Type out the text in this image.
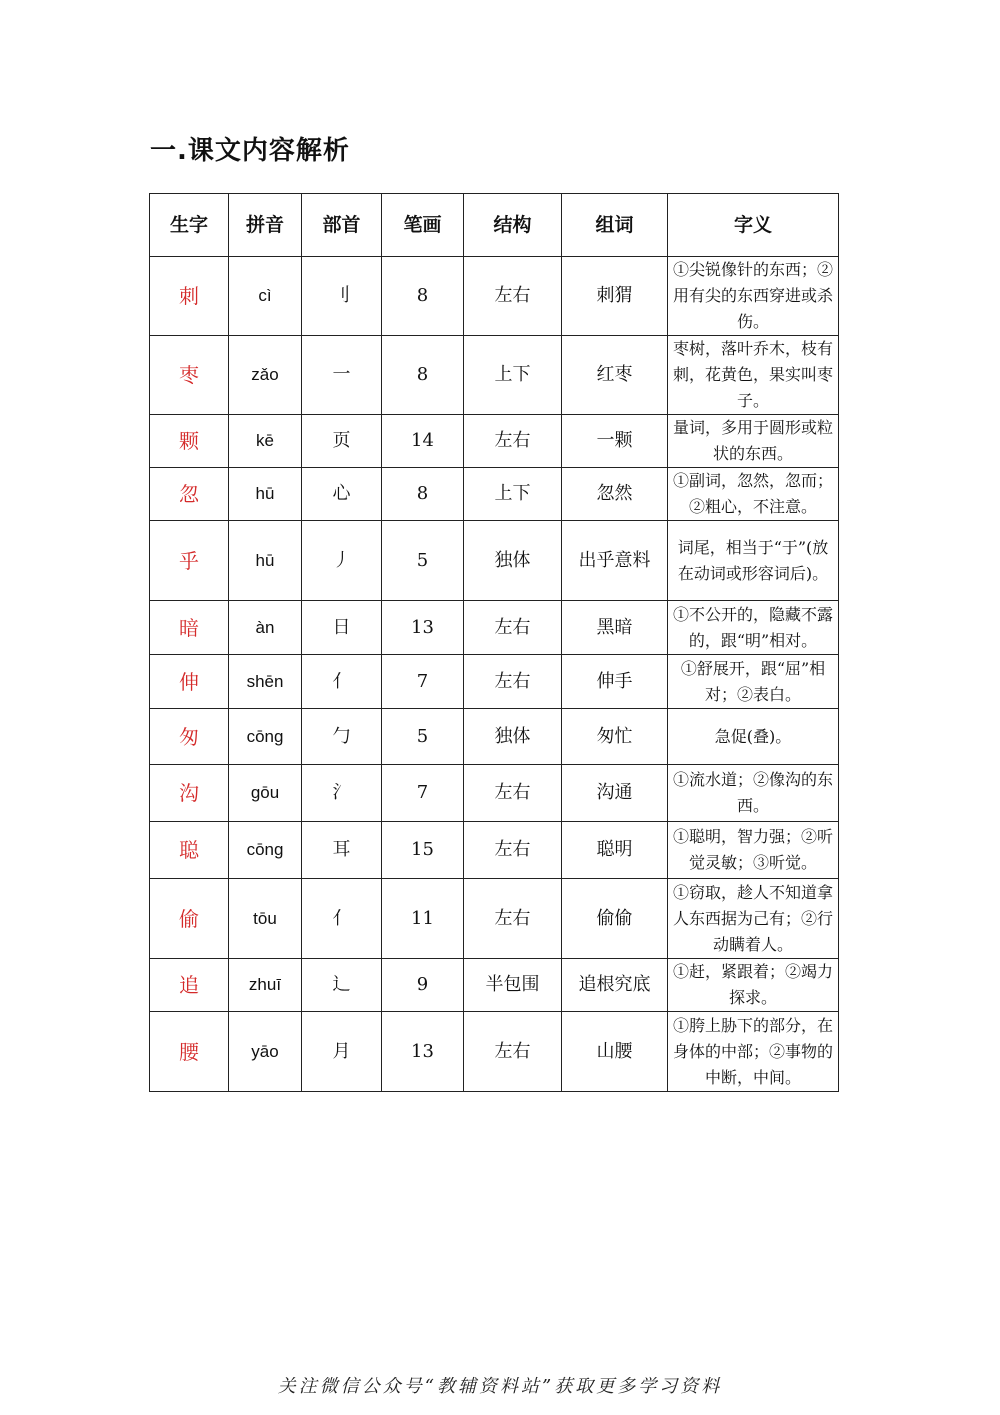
一.课文内容解析
生字	拼音	部首	笔画	结构	组词	字义
刺	cì	刂	8	左右	刺猬	①尖锐像针的东西；②用有尖的东西穿进或杀伤。
枣	zǎo	一	8	上下	红枣	枣树，落叶乔木，枝有刺，花黄色，果实叫枣子。
颗	kē	页	14	左右	一颗	量词，多用于圆形或粒状的东西。
忽	hū	心	8	上下	忽然	①副词，忽然，忽而；②粗心，不注意。
乎	hū	丿	5	独体	出乎意料	词尾，相当于“于”(放在动词或形容词后)。
暗	àn	日	13	左右	黑暗	①不公开的，隐藏不露的，跟“明”相对。
伸	shēn	亻	7	左右	伸手	①舒展开，跟“屈”相对；②表白。
匆	cōng	勹	5	独体	匆忙	急促(叠)。
沟	gōu	氵	7	左右	沟通	①流水道；②像沟的东西。
聪	cōng	耳	15	左右	聪明	①聪明，智力强；②听觉灵敏；③听觉。
偷	tōu	亻	11	左右	偷偷	①窃取，趁人不知道拿人东西据为己有；②行动瞒着人。
追	zhuī	辶	9	半包围	追根究底	①赶，紧跟着；②竭力探求。
腰	yāo	月	13	左右	山腰	①胯上胁下的部分，在身体的中部；②事物的中断，中间。
关注微信公众号“教辅资料站”获取更多学习资料
